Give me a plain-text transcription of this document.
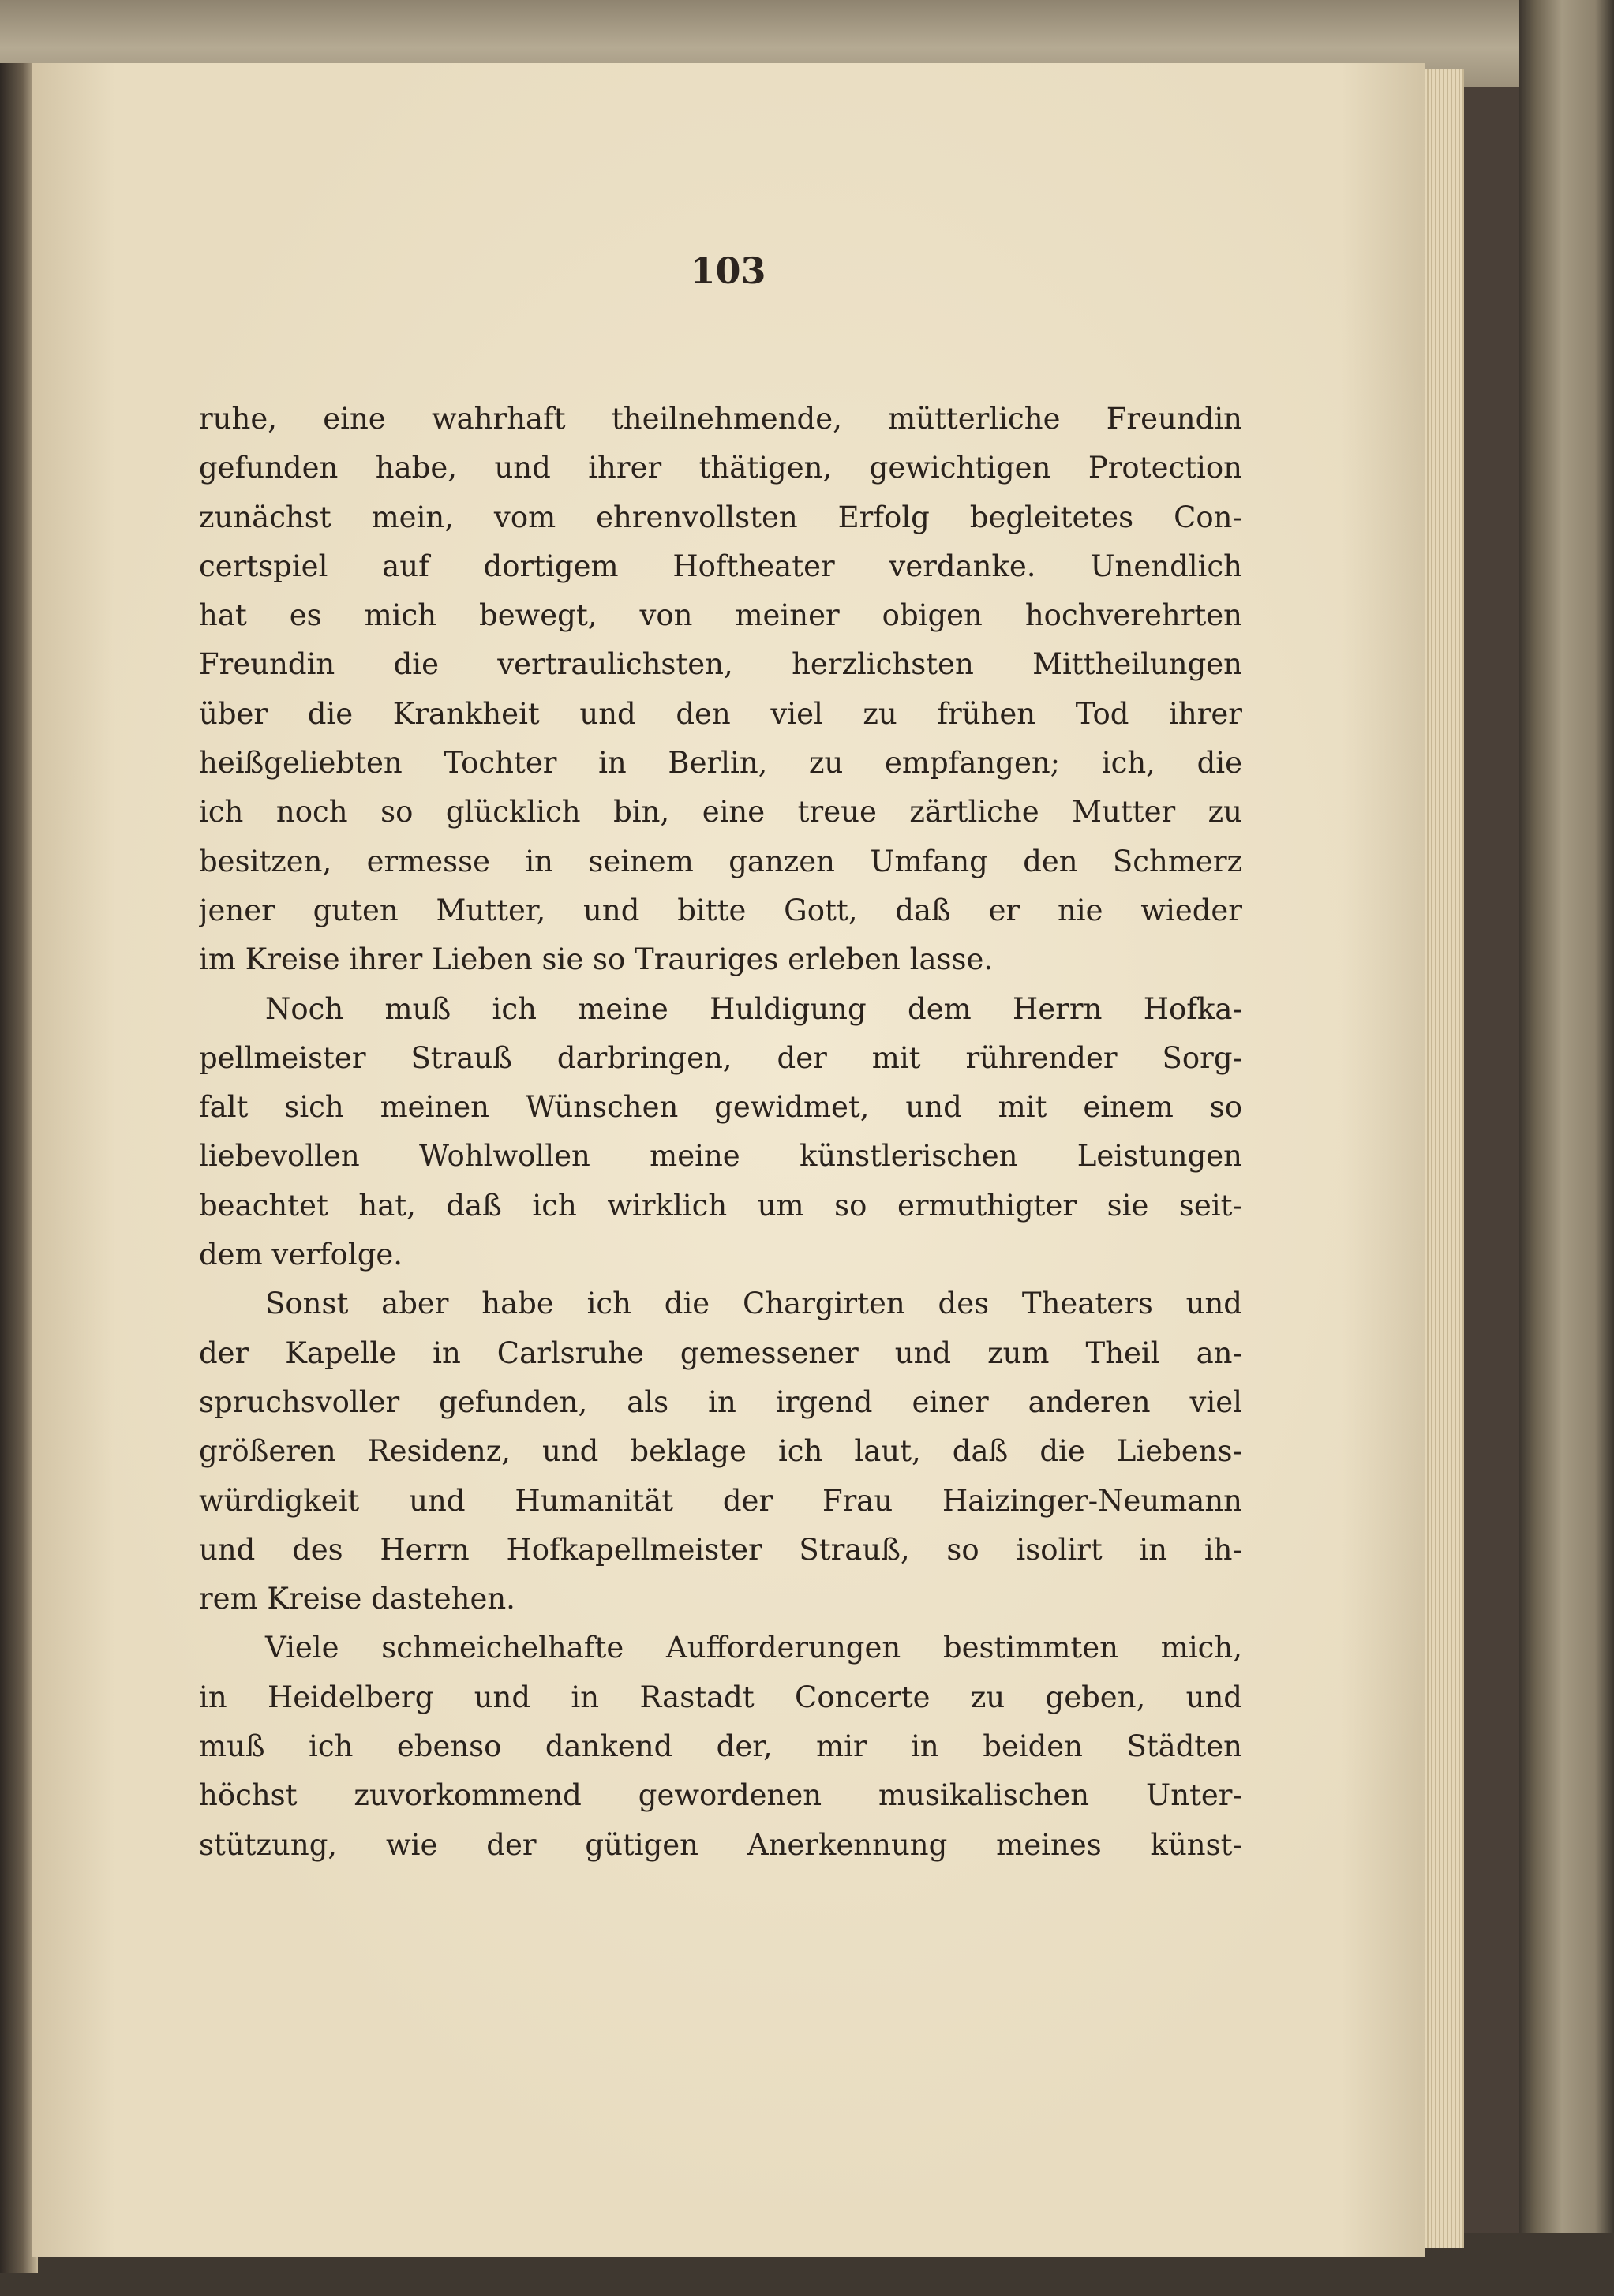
103
ruhe, eine wahrhaft theilnehmende, mütterliche Freundin
gefunden habe, und ihrer thätigen, gewichtigen Protection
zunächst mein, vom ehrenvollsten Erfolg begleitetes Con-
certspiel auf dortigem Hoftheater verdanke. Unendlich
hat es mich bewegt, von meiner obigen hochverehrten
Freundin die vertraulichsten, herzlichsten Mittheilungen
über die Krankheit und den viel zu frühen Tod ihrer
heißgeliebten Tochter in Berlin, zu empfangen; ich, die
ich noch so glücklich bin, eine treue zärtliche Mutter zu
besitzen, ermesse in seinem ganzen Umfang den Schmerz
jener guten Mutter, und bitte Gott, daß er nie wieder
im Kreise ihrer Lieben sie so Trauriges erleben lasse.
Noch muß ich meine Huldigung dem Herrn Hofka-
pellmeister Strauß darbringen, der mit rührender Sorg-
falt sich meinen Wünschen gewidmet, und mit einem so
liebevollen Wohlwollen meine künstlerischen Leistungen
beachtet hat, daß ich wirklich um so ermuthigter sie seit-
dem verfolge.
Sonst aber habe ich die Chargirten des Theaters und
der Kapelle in Carlsruhe gemessener und zum Theil an-
spruchsvoller gefunden, als in irgend einer anderen viel
größeren Residenz, und beklage ich laut, daß die Liebens-
würdigkeit und Humanität der Frau Haizinger-Neumann
und des Herrn Hofkapellmeister Strauß, so isolirt in ih-
rem Kreise dastehen.
Viele schmeichelhafte Aufforderungen bestimmten mich,
in Heidelberg und in Rastadt Concerte zu geben, und
muß ich ebenso dankend der, mir in beiden Städten
höchst zuvorkommend gewordenen musikalischen Unter-
stützung, wie der gütigen Anerkennung meines künst-
